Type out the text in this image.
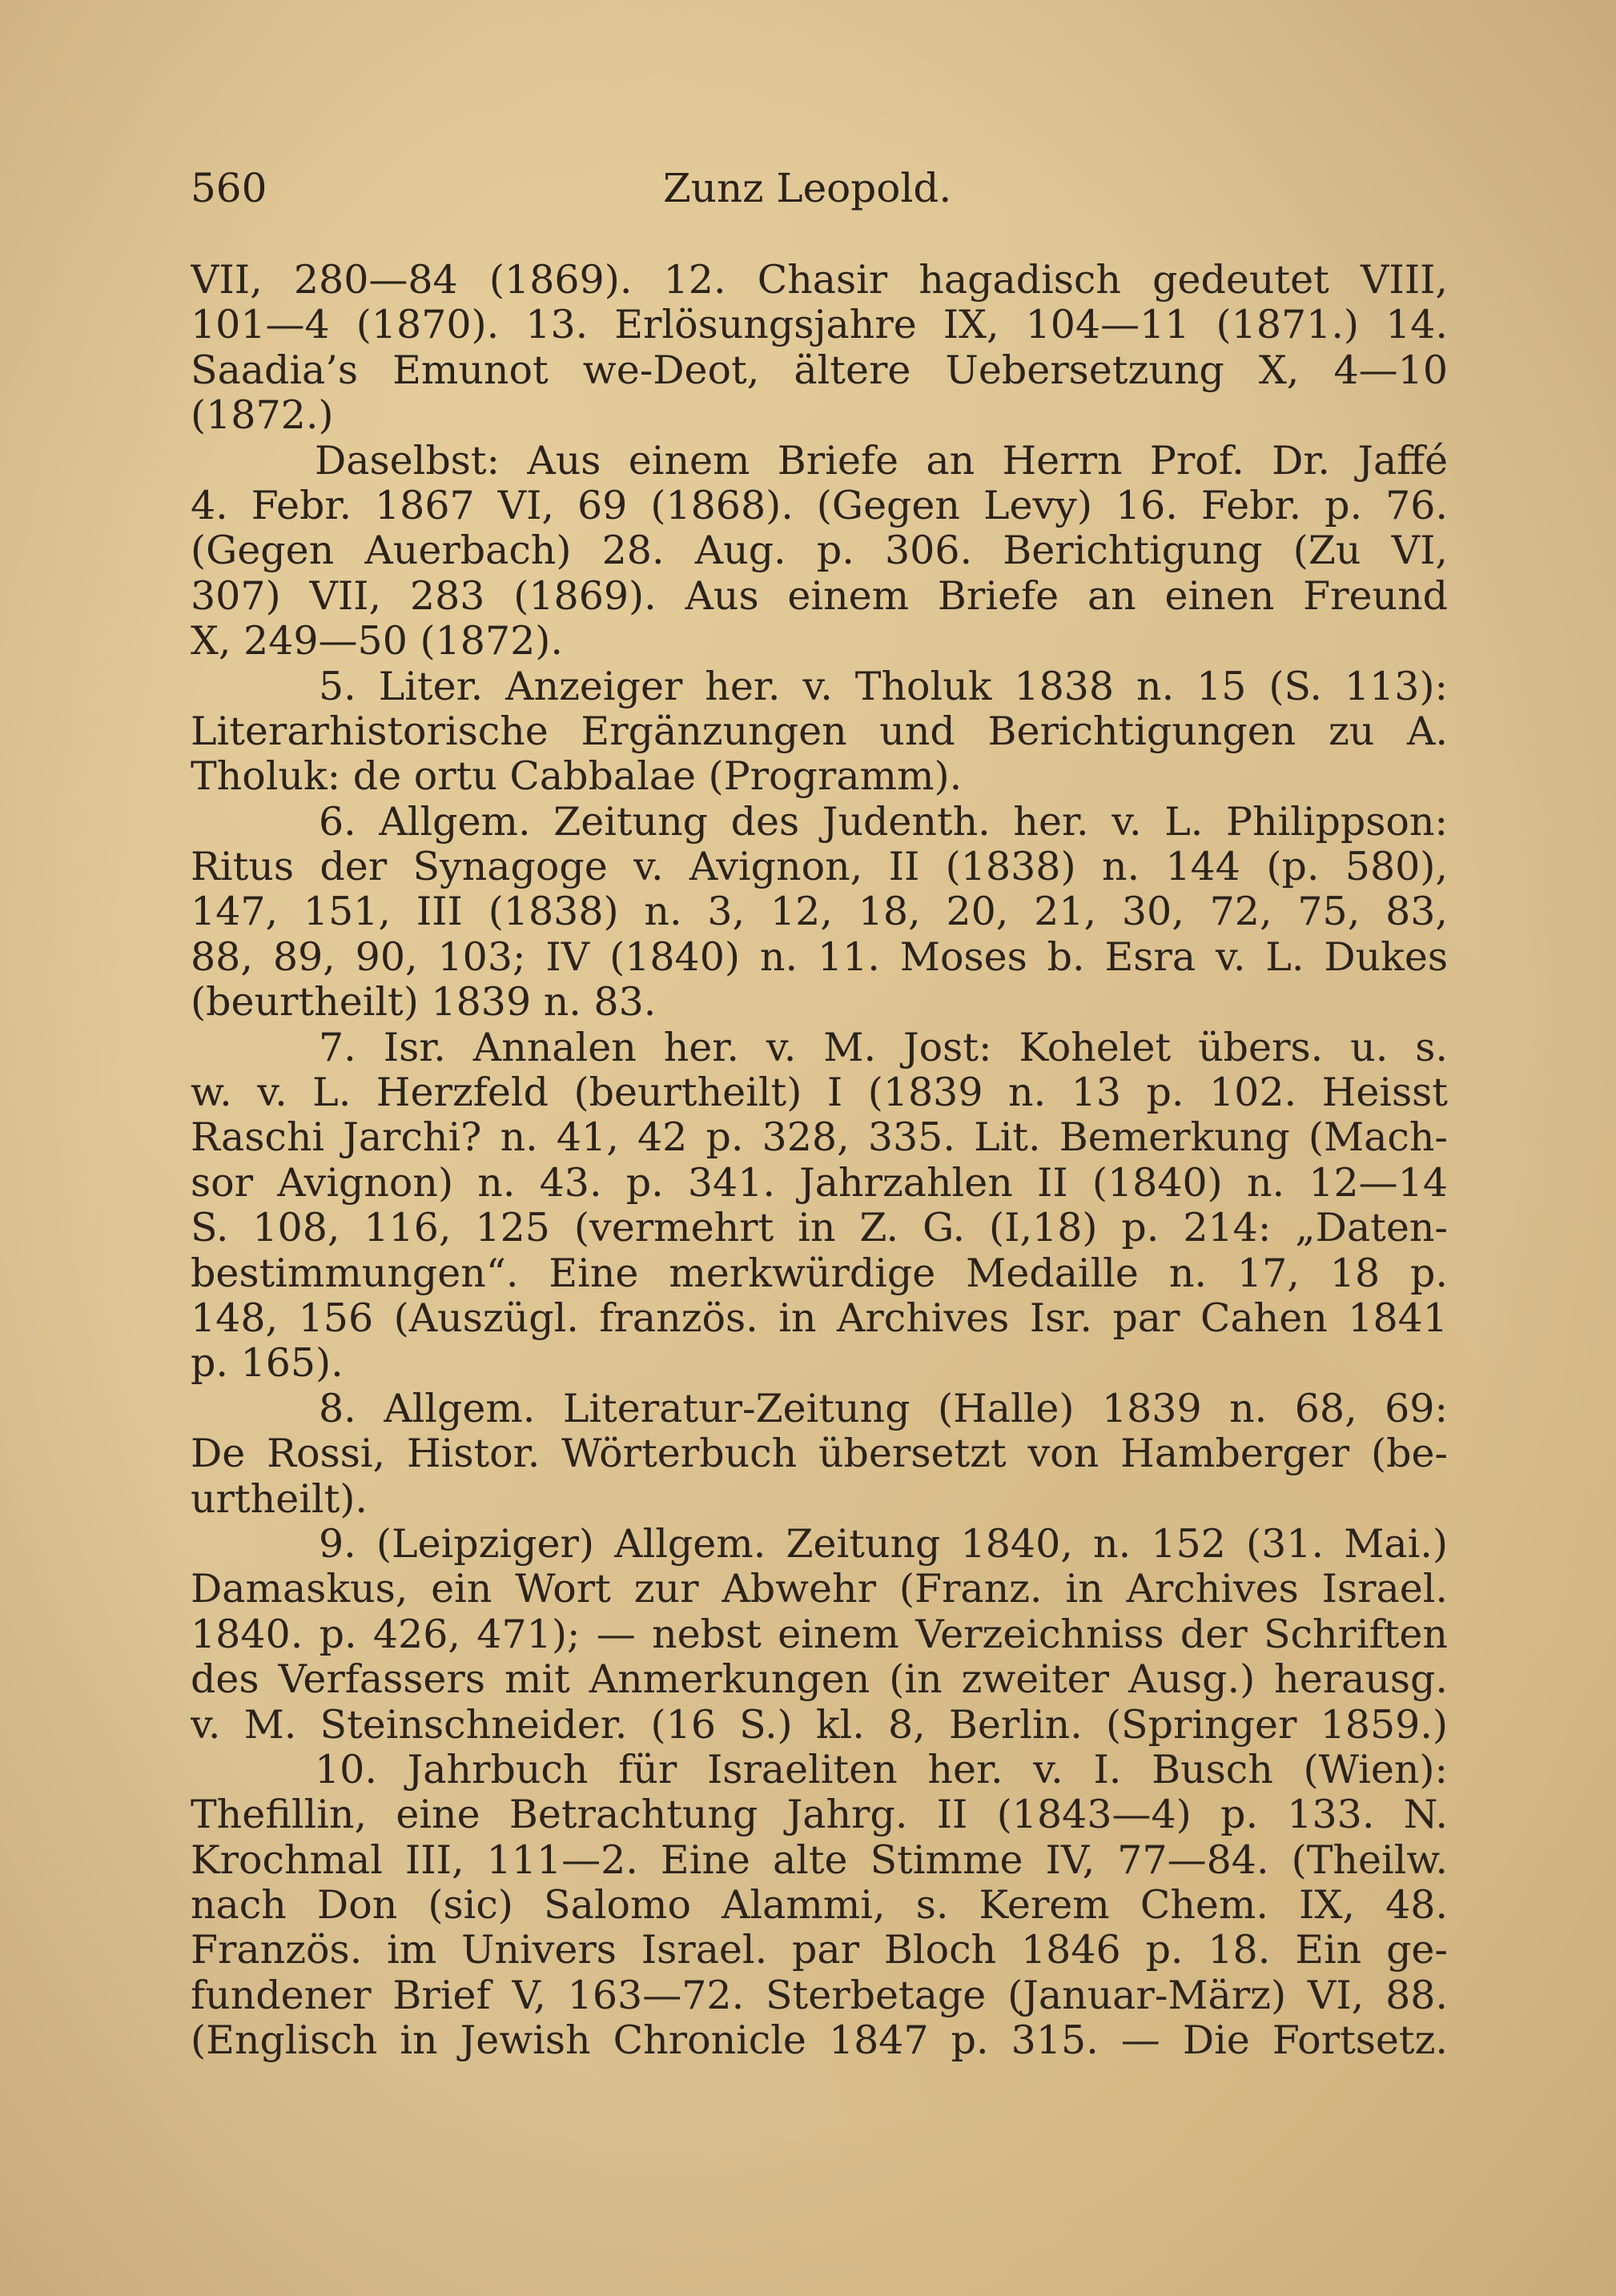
560	Zunz Leopold.
VII, 280—84 (1869). 12. Chasir hagadisch gedeutet VIII,
101—4 (1870). 13. Erlösungsjahre IX, 104—11 (1871.) 14.
Saadia’s Emunot we-Deot, ältere Uebersetzung X, 4—10
(1872.)
Daselbst: Aus einem Briefe an Herrn Prof. Dr. Jaffé
4. Febr. 1867 VI, 69 (1868). (Gegen Levy) 16. Febr. p. 76.
(Gegen Auerbach) 28. Aug. p. 306. Berichtigung (Zu VI,
307) VII, 283 (1869). Aus einem Briefe an einen Freund
X, 249—50 (1872).
5. Liter. Anzeiger her. v. Tholuk 1838 n. 15 (S. 113):
Literarhistorische Ergänzungen und Berichtigungen zu A.
Tholuk: de ortu Cabbalae (Programm).
6. Allgem. Zeitung des Judenth. her. v. L. Philippson:
Ritus der Synagoge v. Avignon, II (1838) n. 144 (p. 580),
147, 151, III (1838) n. 3, 12, 18, 20, 21, 30, 72, 75, 83,
88, 89, 90, 103; IV (1840) n. 11. Moses b. Esra v. L. Dukes
(beurtheilt) 1839 n. 83.
7. Isr. Annalen her. v. M. Jost: Kohelet übers. u. s.
w. v. L. Herzfeld (beurtheilt) I (1839 n. 13 p. 102. Heisst
Raschi Jarchi? n. 41, 42 p. 328, 335. Lit. Bemerkung (Mach-
sor Avignon) n. 43. p. 341. Jahrzahlen II (1840) n. 12—14
S. 108, 116, 125 (vermehrt in Z. G. (I,18) p. 214: „Daten-
bestimmungen“. Eine merkwürdige Medaille n. 17, 18 p.
148, 156 (Auszügl. französ. in Archives Isr. par Cahen 1841
p. 165).
8. Allgem. Literatur-Zeitung (Halle) 1839 n. 68, 69:
De Rossi, Histor. Wörterbuch übersetzt von Hamberger (be-
urtheilt).
9. (Leipziger) Allgem. Zeitung 1840, n. 152 (31. Mai.)
Damaskus, ein Wort zur Abwehr (Franz. in Archives Israel.
1840. p. 426, 471); — nebst einem Verzeichniss der Schriften
des Verfassers mit Anmerkungen (in zweiter Ausg.) herausg.
v. M. Steinschneider. (16 S.) kl. 8, Berlin. (Springer 1859.)
10. Jahrbuch für Israeliten her. v. I. Busch (Wien):
Thefillin, eine Betrachtung Jahrg. II (1843—4) p. 133. N.
Krochmal III, 111—2. Eine alte Stimme IV, 77—84. (Theilw.
nach Don (sic) Salomo Alammi, s. Kerem Chem. IX, 48.
Französ. im Univers Israel. par Bloch 1846 p. 18. Ein ge-
fundener Brief V, 163—72. Sterbetage (Januar-März) VI, 88.
(Englisch in Jewish Chronicle 1847 p. 315. — Die Fortsetz.
